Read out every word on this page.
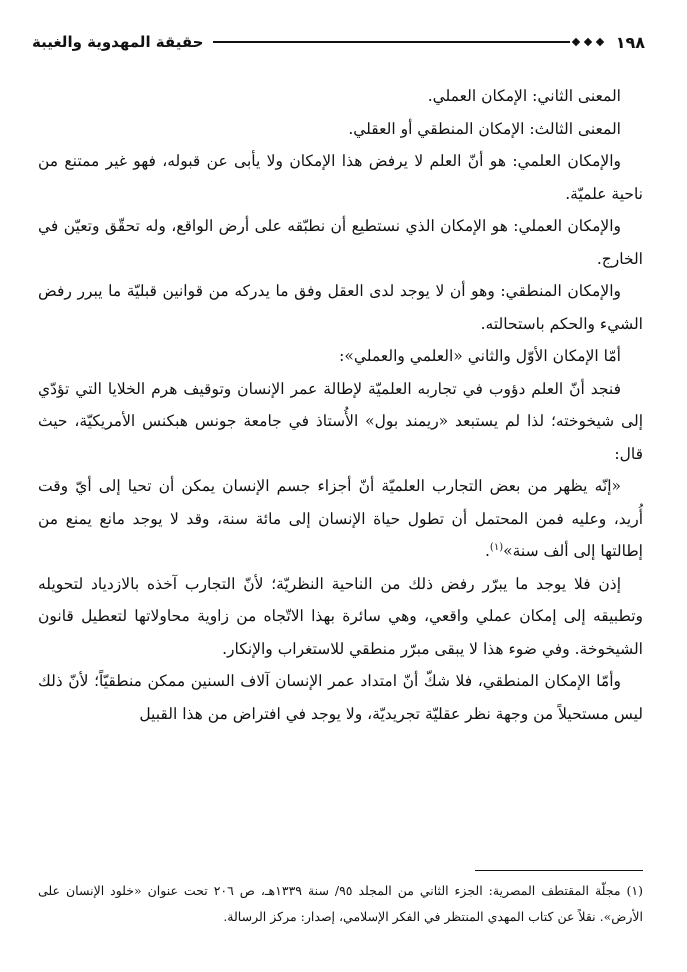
١٩٨
حقيقة المهدوية والغيبة

المعنى الثاني: الإمكان العملي.

المعنى الثالث: الإمكان المنطقي أو العقلي.

والإمكان العلمي: هو أنّ العلم لا يرفض هذا الإمكان ولا يأبى عن قبوله، فهو غير ممتنع من ناحية علميّة.

والإمكان العملي: هو الإمكان الذي نستطيع أن نطبّقه على أرض الواقع، وله تحقّق وتعيّن في الخارج.

والإمكان المنطقي: وهو أن لا يوجد لدى العقل وفق ما يدركه من قوانين قبليّة ما يبرر رفض الشيء والحكم باستحالته.

أمّا الإمكان الأوّل والثاني «العلمي والعملي»:

فنجد أنّ العلم دؤوب في تجاربه العلميّة لإطالة عمر الإنسان وتوقيف هرم الخلايا التي تؤدّي إلى شيخوخته؛ لذا لم يستبعد «ريمند بول» الأُستاذ في جامعة جونس هبكنس الأمريكيّة، حيث قال:

«إنّه يظهر من بعض التجارب العلميّة أنّ أجزاء جسم الإنسان يمكن أن تحيا إلى أيّ وقت أُريد، وعليه فمن المحتمل أن تطول حياة الإنسان إلى مائة سنة، وقد لا يوجد مانع يمنع من إطالتها إلى ألف سنة»$^{(١)}$.

إذن فلا يوجد ما يبرّر رفض ذلك من الناحية النظريّة؛ لأنّ التجارب آخذه بالازدياد لتحويله وتطبيقه إلى إمكان عملي واقعي، وهي سائرة بهذا الاتّجاه من زاوية محاولاتها لتعطيل قانون الشيخوخة. وفي ضوء هذا لا يبقى مبرّر منطقي للاستغراب والإنكار.

وأمّا الإمكان المنطقي، فلا شكّ أنّ امتداد عمر الإنسان آلاف السنين ممكن منطقيّاً؛ لأنّ ذلك ليس مستحيلاً من وجهة نظر عقليّة تجريديّة، ولا يوجد في افتراض من هذا القبيل

(١) مجلّة المقتطف المصرية: الجزء الثاني من المجلد ٩٥/ سنة ١٣٣٩هـ، ص ٢٠٦ تحت عنوان «خلود الإنسان على الأرض». نقلاً عن كتاب المهدي المنتظر في الفكر الإسلامي، إصدار: مركز الرسالة.
